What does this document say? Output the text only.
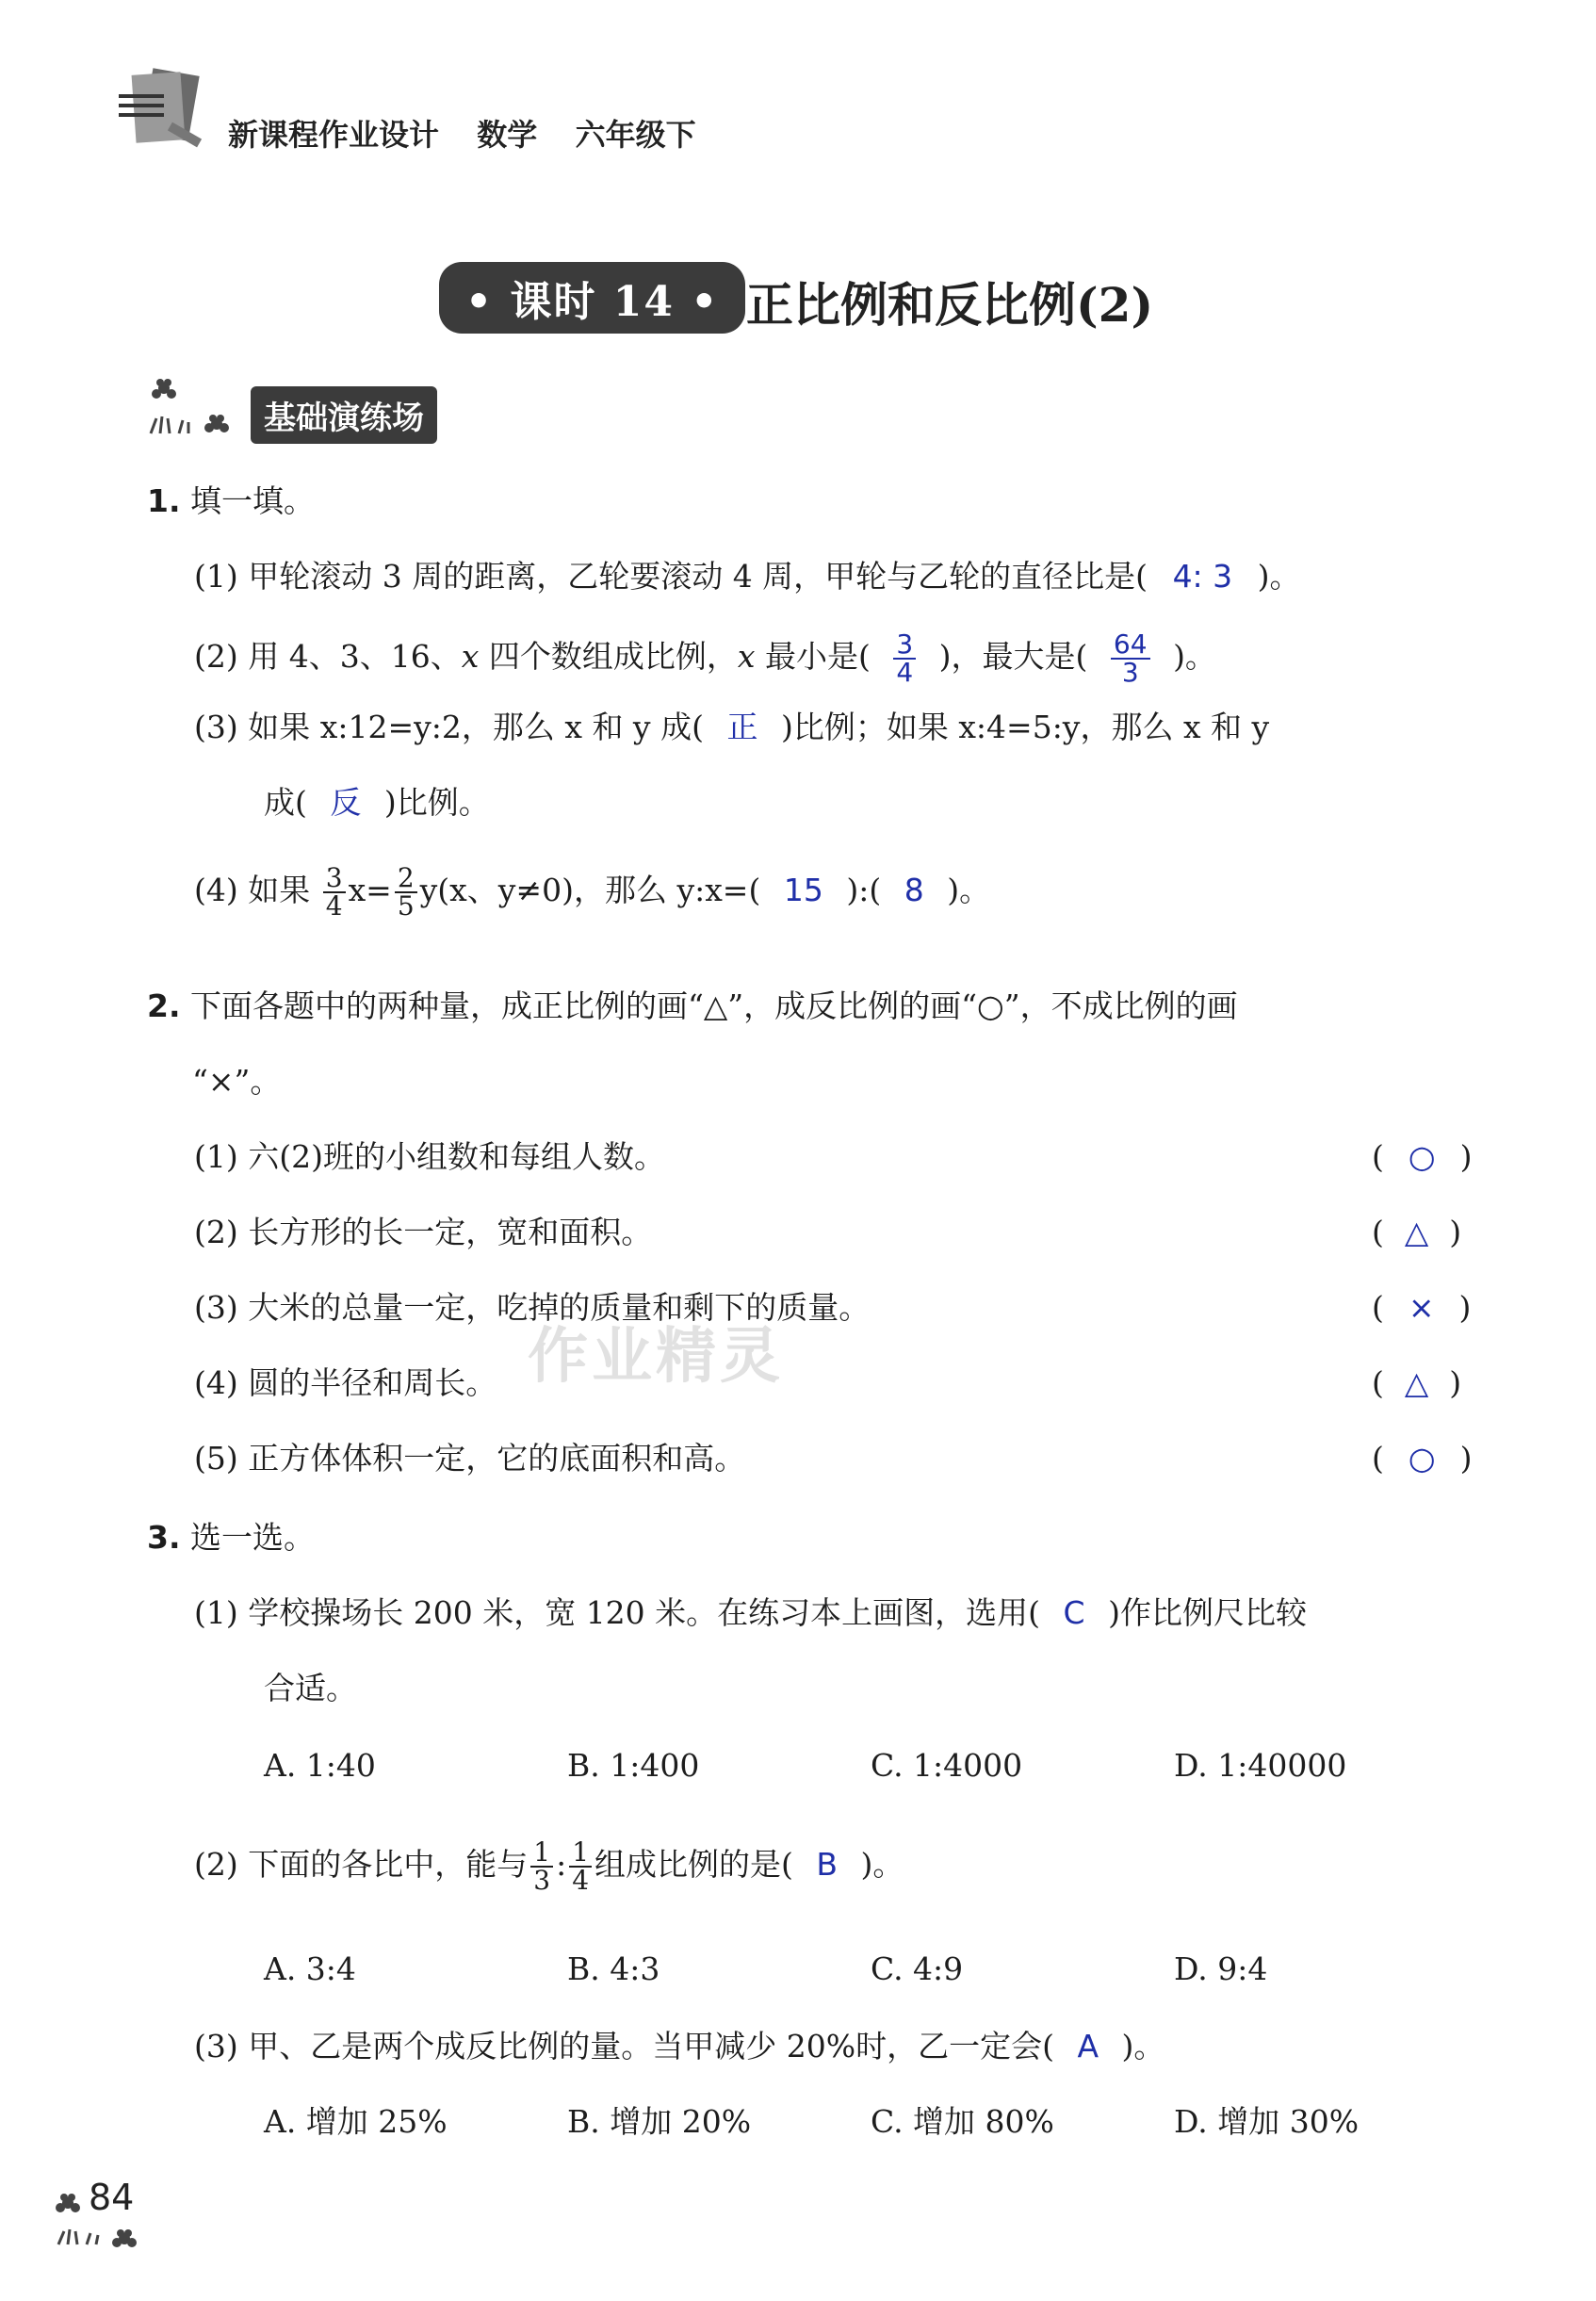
新课程作业设计 数学 六年级下
• 课时 14 • 正比例和反比例(2)
基础演练场
1. 填一填。
(1) 甲轮滚动 3 周的距离，乙轮要滚动 4 周，甲轮与乙轮的直径比是( 4: 3 )。
(2) 用 4、3、16、x 四个数组成比例，x 最小是( $\frac{3}{4}$ )，最大是( $\frac{64}{3}$ )。
(3) 如果 x:12=y:2，那么 x 和 y 成( 正 )比例；如果 x:4=5:y，那么 x 和 y
成( 反 )比例。
(4) 如果 $\frac{3}{4} x= \frac{2}{5} y(x$、y≠0)，那么 y:x=( 15 ):( 8 )。
2. 下面各题中的两种量，成正比例的画“△”，成反比例的画“○”，不成比例的画
“×”。
(1) 六(2)班的小组数和每组人数。	( ○ )
(2) 长方形的长一定，宽和面积。	( △ )
(3) 大米的总量一定，吃掉的质量和剩下的质量。	( × )
(4) 圆的半径和周长。	( △ )
(5) 正方体体积一定，它的底面积和高。	( ○ )
作业精灵
3. 选一选。
(1) 学校操场长 200 米，宽 120 米。在练习本上画图，选用( C )作比例尺比较
合适。
A. 1:40	B. 1:400	C. 1:4000	D. 1:40000
(2) 下面的各比中，能与 $\frac{1}{3}$ : $\frac{1}{4}$ 组成比例的是( B )。
A. 3:4	B. 4:3	C. 4:9	D. 9:4
(3) 甲、乙是两个成反比例的量。当甲减少 20%时，乙一定会( A )。
A. 增加 25%	B. 增加 20%	C. 增加 80%	D. 增加 30%
84
